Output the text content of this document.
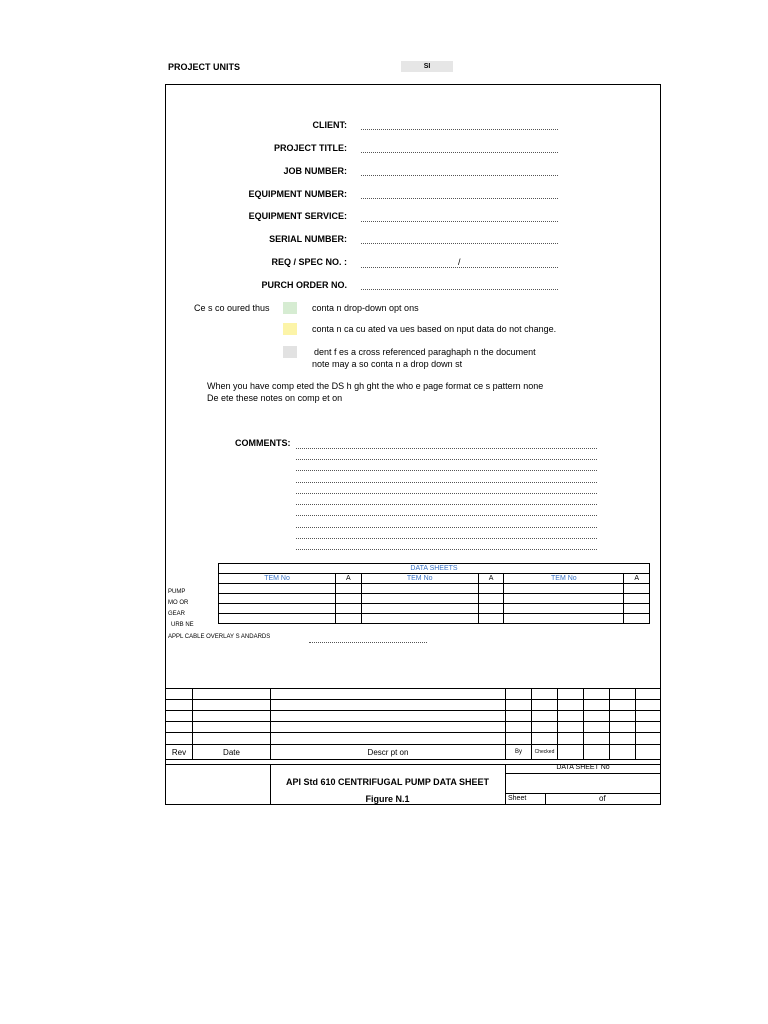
PROJECT UNITS	SI
CLIENT:
PROJECT TITLE:
JOB NUMBER:
EQUIPMENT NUMBER:
EQUIPMENT SERVICE:
SERIAL NUMBER:
REQ / SPEC NO. :	/
PURCH ORDER NO.
Ce s co oured thus	conta n drop-down opt ons
conta n ca cu ated va ues based on nput data do not change.
dent f es a cross referenced paraghaph n the document
note may a so conta n a drop down st
When you have comp eted the DS h gh ght the who e page format ce s pattern none
De ete these notes on comp et on
COMMENTS:
DATA SHEETS					
TEM No	A	TEM No	A	TEM No	A

PUMP
MO OR
GEAR
URB NE
APPL CABLE OVERLAY S ANDARDS

Rev	Date	Descr pt on	By	Checked				
API Std 610 CENTRIFUGAL PUMP DATA SHEET
Figure N.1
DATA SHEET No
Sheet	of
